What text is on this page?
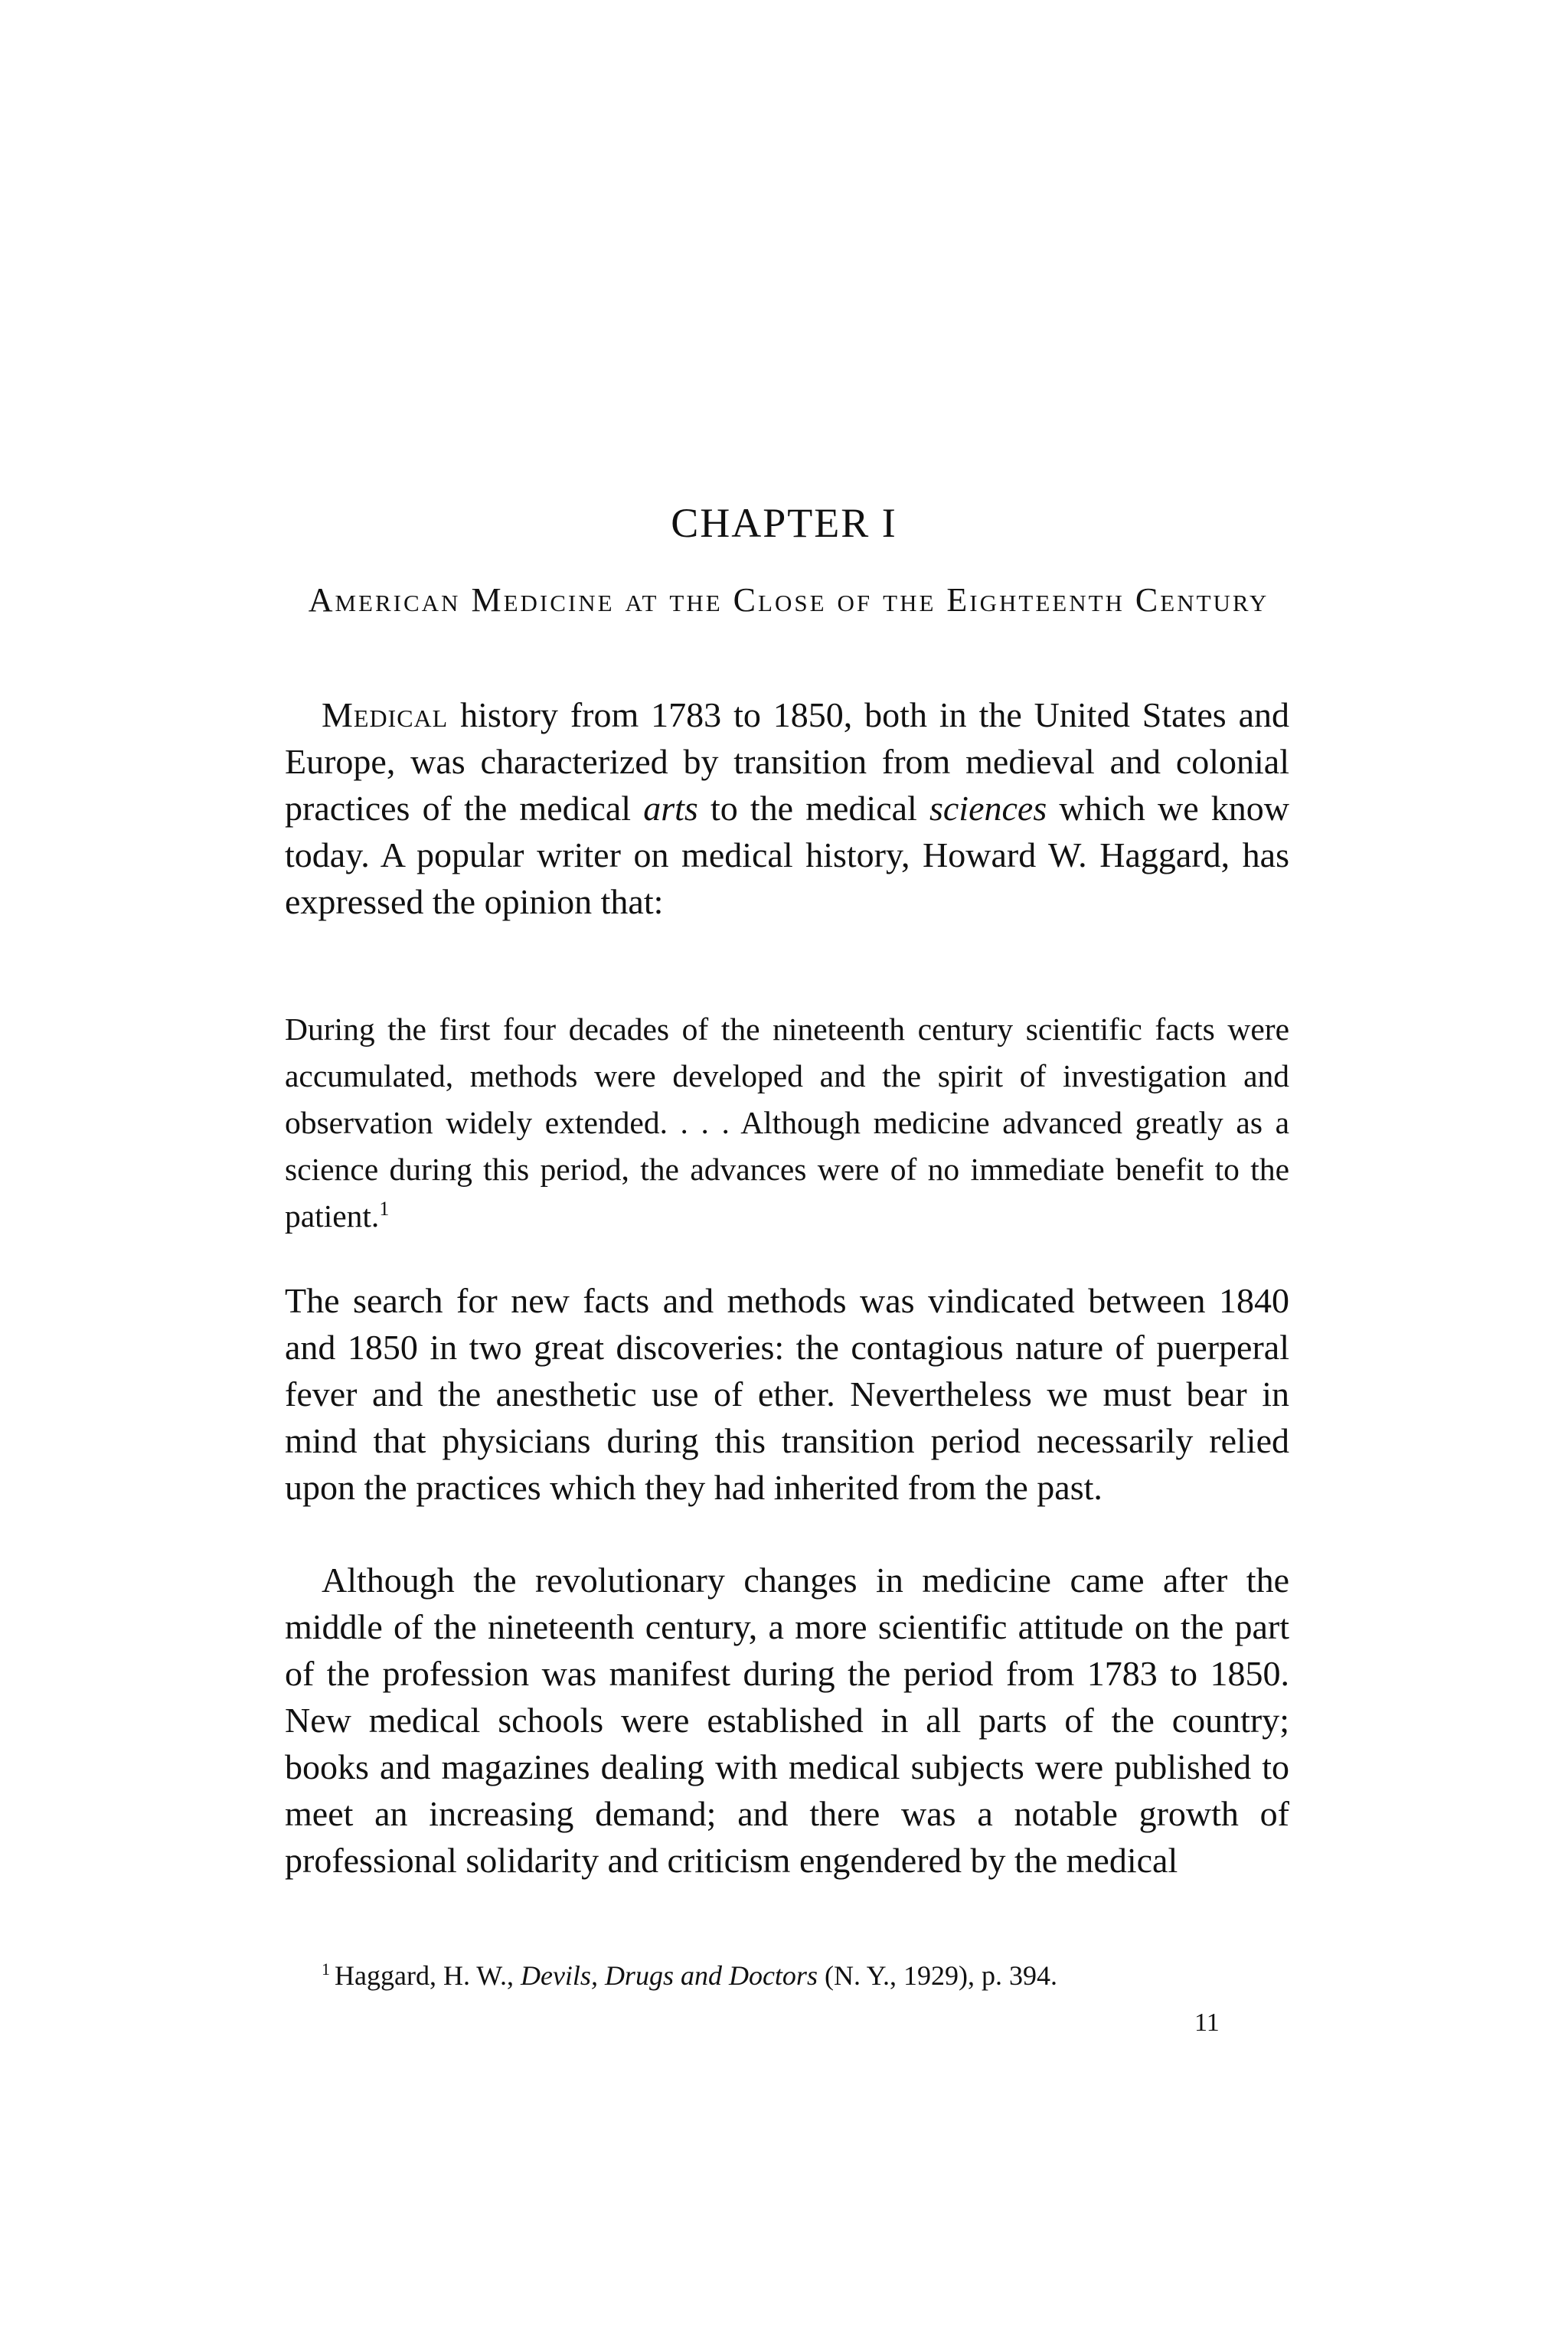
CHAPTER I
American Medicine at the Close of the Eighteenth Century

Medical history from 1783 to 1850, both in the United States and Europe, was characterized by transition from medieval and colonial practices of the medical arts to the medical sciences which we know today. A popular writer on medical history, Howard W. Haggard, has expressed the opinion that:

During the first four decades of the nineteenth century scientific facts were accumulated, methods were developed and the spirit of investigation and observation widely extended. . . . Although medicine advanced greatly as a science during this period, the advances were of no immediate benefit to the patient.$^1$

The search for new facts and methods was vindicated between 1840 and 1850 in two great discoveries: the contagious nature of puerperal fever and the anesthetic use of ether. Nevertheless we must bear in mind that physicians during this transition period necessarily relied upon the practices which they had inherited from the past.

Although the revolutionary changes in medicine came after the middle of the nineteenth century, a more scientific attitude on the part of the profession was manifest during the period from 1783 to 1850. New medical schools were established in all parts of the country; books and magazines dealing with medical subjects were published to meet an increasing demand; and there was a notable growth of professional solidarity and criticism engendered by the medical

$^1$ Haggard, H. W., Devils, Drugs and Doctors (N. Y., 1929), p. 394.
11
